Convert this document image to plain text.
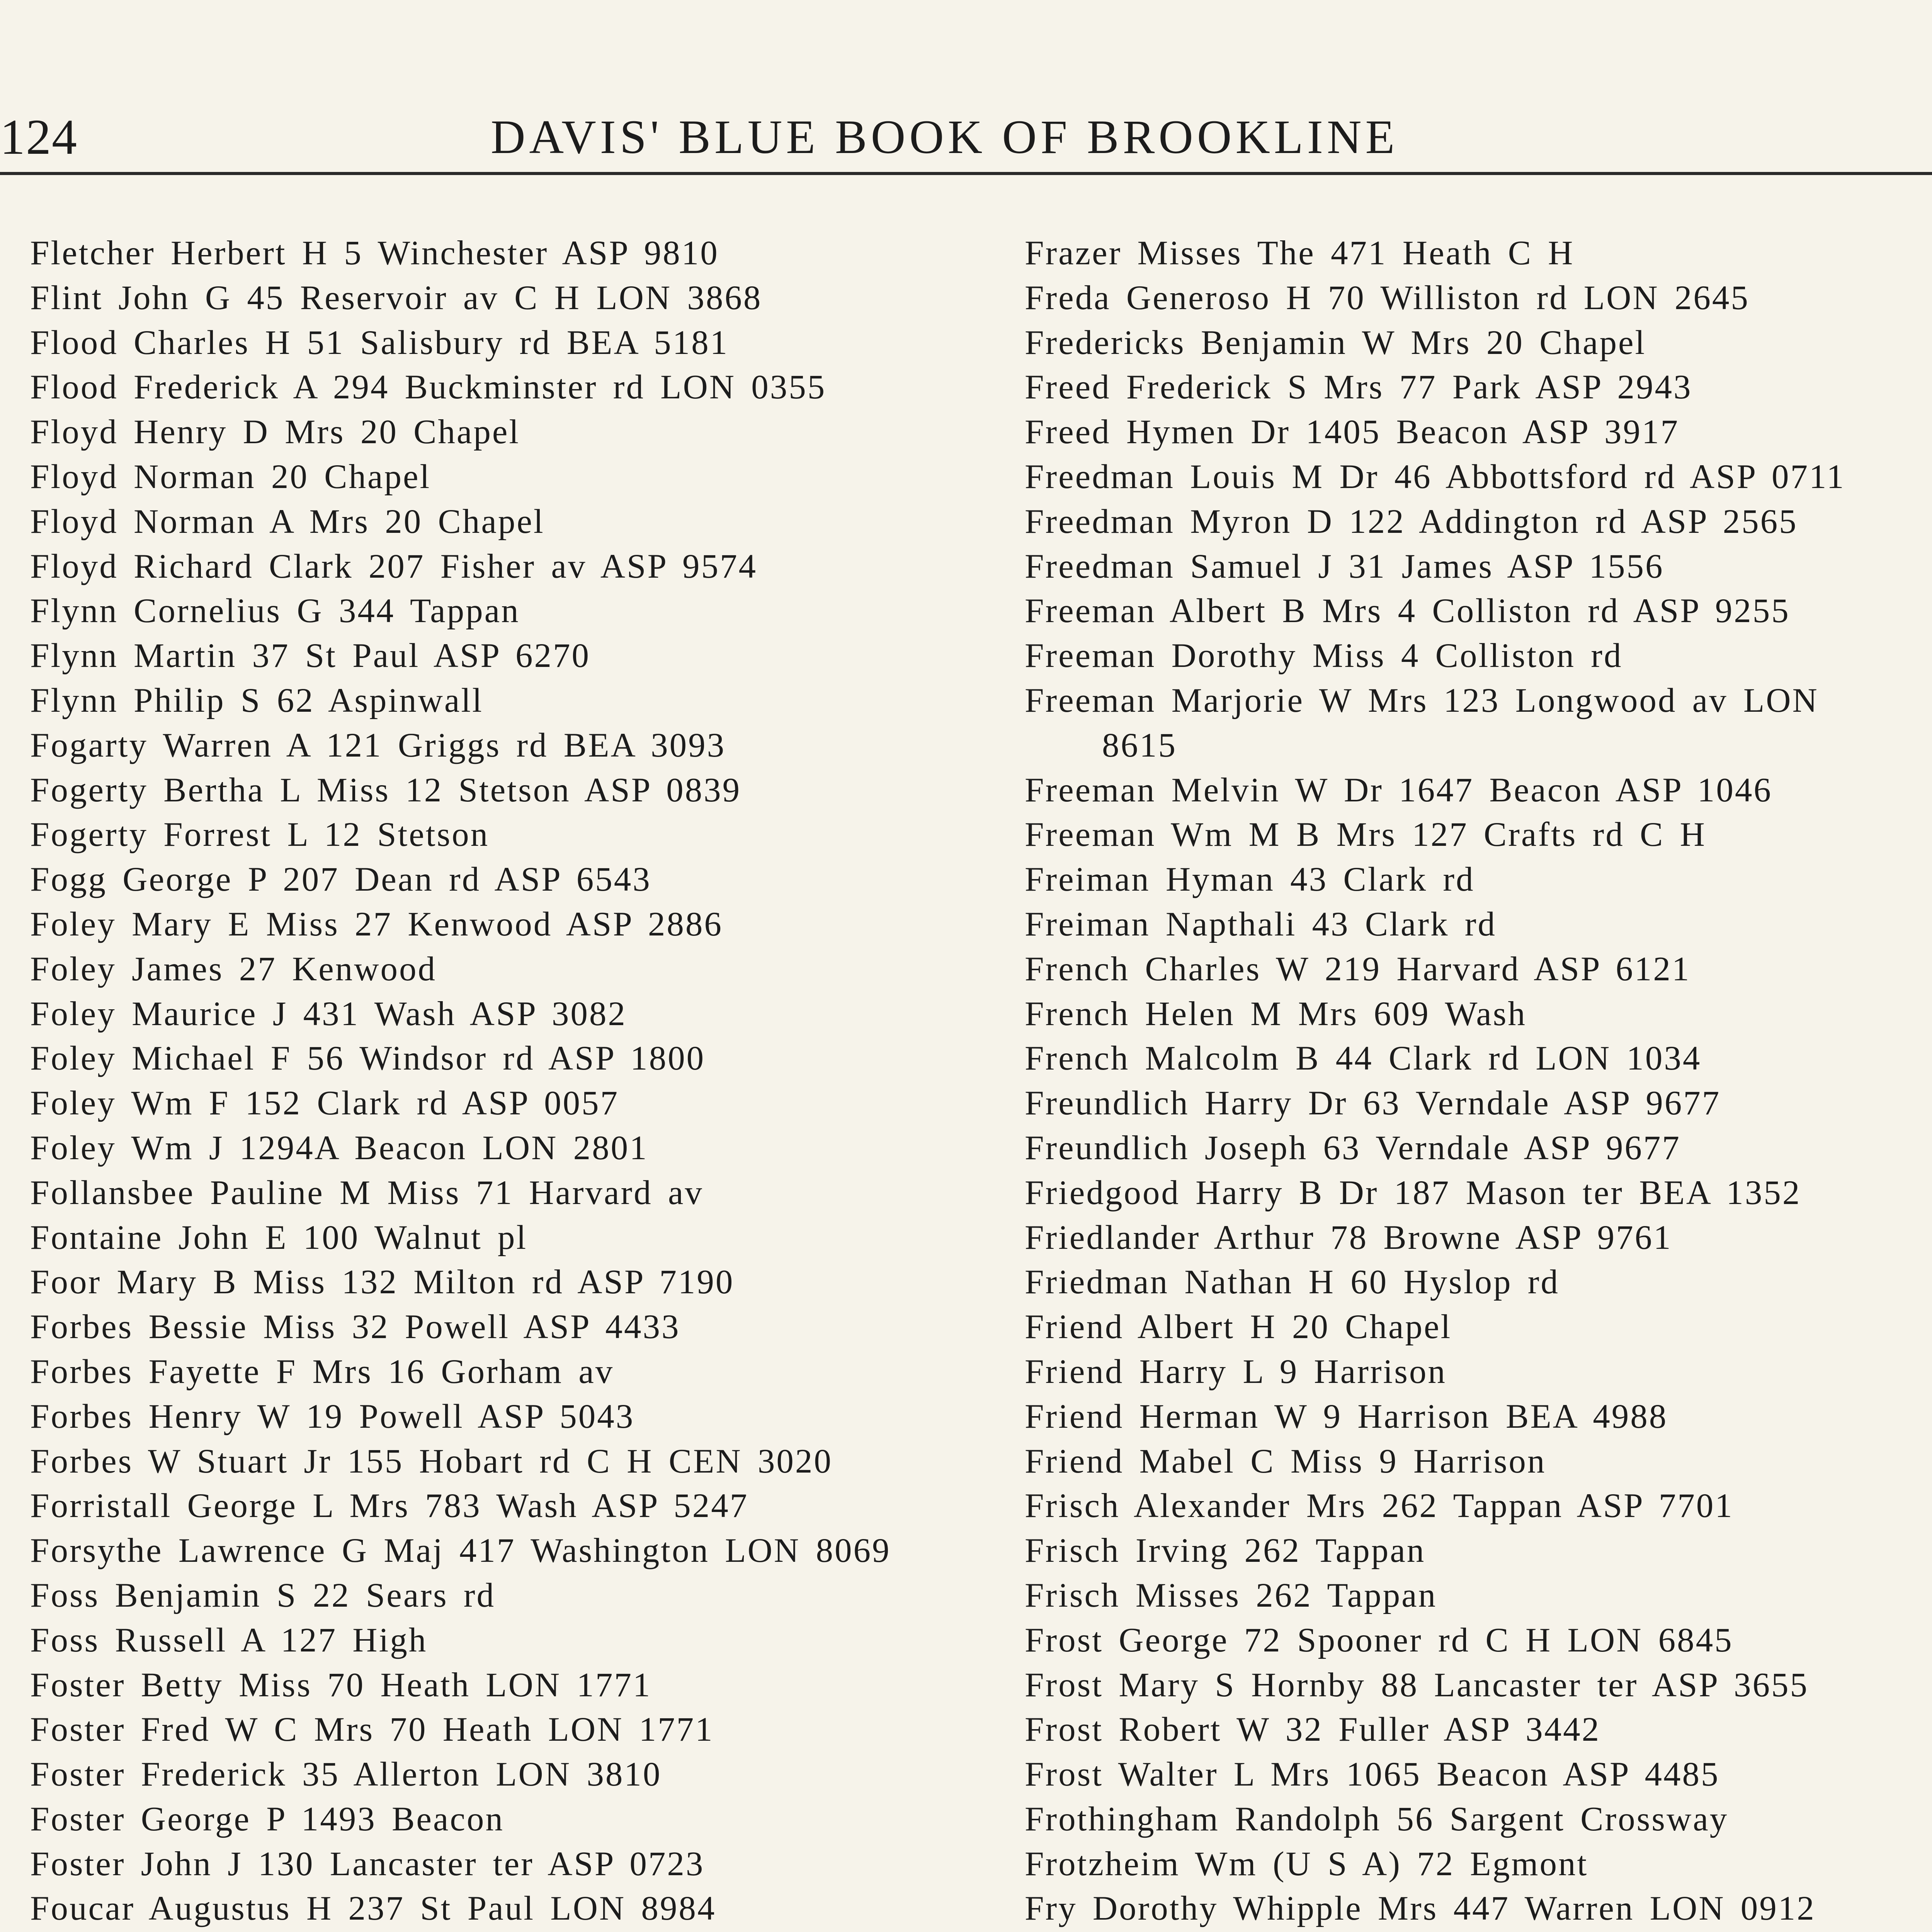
124	DAVIS' BLUE BOOK OF BROOKLINE
Fletcher Herbert H 5 Winchester ASP 9810
Flint John G 45 Reservoir av C H LON 3868
Flood Charles H 51 Salisbury rd BEA 5181
Flood Frederick A 294 Buckminster rd LON 0355
Floyd Henry D Mrs 20 Chapel
Floyd Norman 20 Chapel
Floyd Norman A Mrs 20 Chapel
Floyd Richard Clark 207 Fisher av ASP 9574
Flynn Cornelius G 344 Tappan
Flynn Martin 37 St Paul ASP 6270
Flynn Philip S 62 Aspinwall
Fogarty Warren A 121 Griggs rd BEA 3093
Fogerty Bertha L Miss 12 Stetson ASP 0839
Fogerty Forrest L 12 Stetson
Fogg George P 207 Dean rd ASP 6543
Foley Mary E Miss 27 Kenwood ASP 2886
Foley James 27 Kenwood
Foley Maurice J 431 Wash ASP 3082
Foley Michael F 56 Windsor rd ASP 1800
Foley Wm F 152 Clark rd ASP 0057
Foley Wm J 1294A Beacon LON 2801
Follansbee Pauline M Miss 71 Harvard av
Fontaine John E 100 Walnut pl
Foor Mary B Miss 132 Milton rd ASP 7190
Forbes Bessie Miss 32 Powell ASP 4433
Forbes Fayette F Mrs 16 Gorham av
Forbes Henry W 19 Powell ASP 5043
Forbes W Stuart Jr 155 Hobart rd C H CEN 3020
Forristall George L Mrs 783 Wash ASP 5247
Forsythe Lawrence G Maj 417 Washington LON 8069
Foss Benjamin S 22 Sears rd
Foss Russell A 127 High
Foster Betty Miss 70 Heath LON 1771
Foster Fred W C Mrs 70 Heath LON 1771
Foster Frederick 35 Allerton LON 3810
Foster George P 1493 Beacon
Foster John J 130 Lancaster ter ASP 0723
Foucar Augustus H 237 St Paul LON 8984
Frazer Misses The 471 Heath C H
Freda Generoso H 70 Williston rd LON 2645
Fredericks Benjamin W Mrs 20 Chapel
Freed Frederick S Mrs 77 Park ASP 2943
Freed Hymen Dr 1405 Beacon ASP 3917
Freedman Louis M Dr 46 Abbottsford rd ASP 0711
Freedman Myron D 122 Addington rd ASP 2565
Freedman Samuel J 31 James ASP 1556
Freeman Albert B Mrs 4 Colliston rd ASP 9255
Freeman Dorothy Miss 4 Colliston rd
Freeman Marjorie W Mrs 123 Longwood av LON
8615
Freeman Melvin W Dr 1647 Beacon ASP 1046
Freeman Wm M B Mrs 127 Crafts rd C H
Freiman Hyman 43 Clark rd
Freiman Napthali 43 Clark rd
French Charles W 219 Harvard ASP 6121
French Helen M Mrs 609 Wash
French Malcolm B 44 Clark rd LON 1034
Freundlich Harry Dr 63 Verndale ASP 9677
Freundlich Joseph 63 Verndale ASP 9677
Friedgood Harry B Dr 187 Mason ter BEA 1352
Friedlander Arthur 78 Browne ASP 9761
Friedman Nathan H 60 Hyslop rd
Friend Albert H 20 Chapel
Friend Harry L 9 Harrison
Friend Herman W 9 Harrison BEA 4988
Friend Mabel C Miss 9 Harrison
Frisch Alexander Mrs 262 Tappan ASP 7701
Frisch Irving 262 Tappan
Frisch Misses 262 Tappan
Frost George 72 Spooner rd C H LON 6845
Frost Mary S Hornby 88 Lancaster ter ASP 3655
Frost Robert W 32 Fuller ASP 3442
Frost Walter L Mrs 1065 Beacon ASP 4485
Frothingham Randolph 56 Sargent Crossway
Frotzheim Wm (U S A) 72 Egmont
Fry Dorothy Whipple Mrs 447 Warren LON 0912
